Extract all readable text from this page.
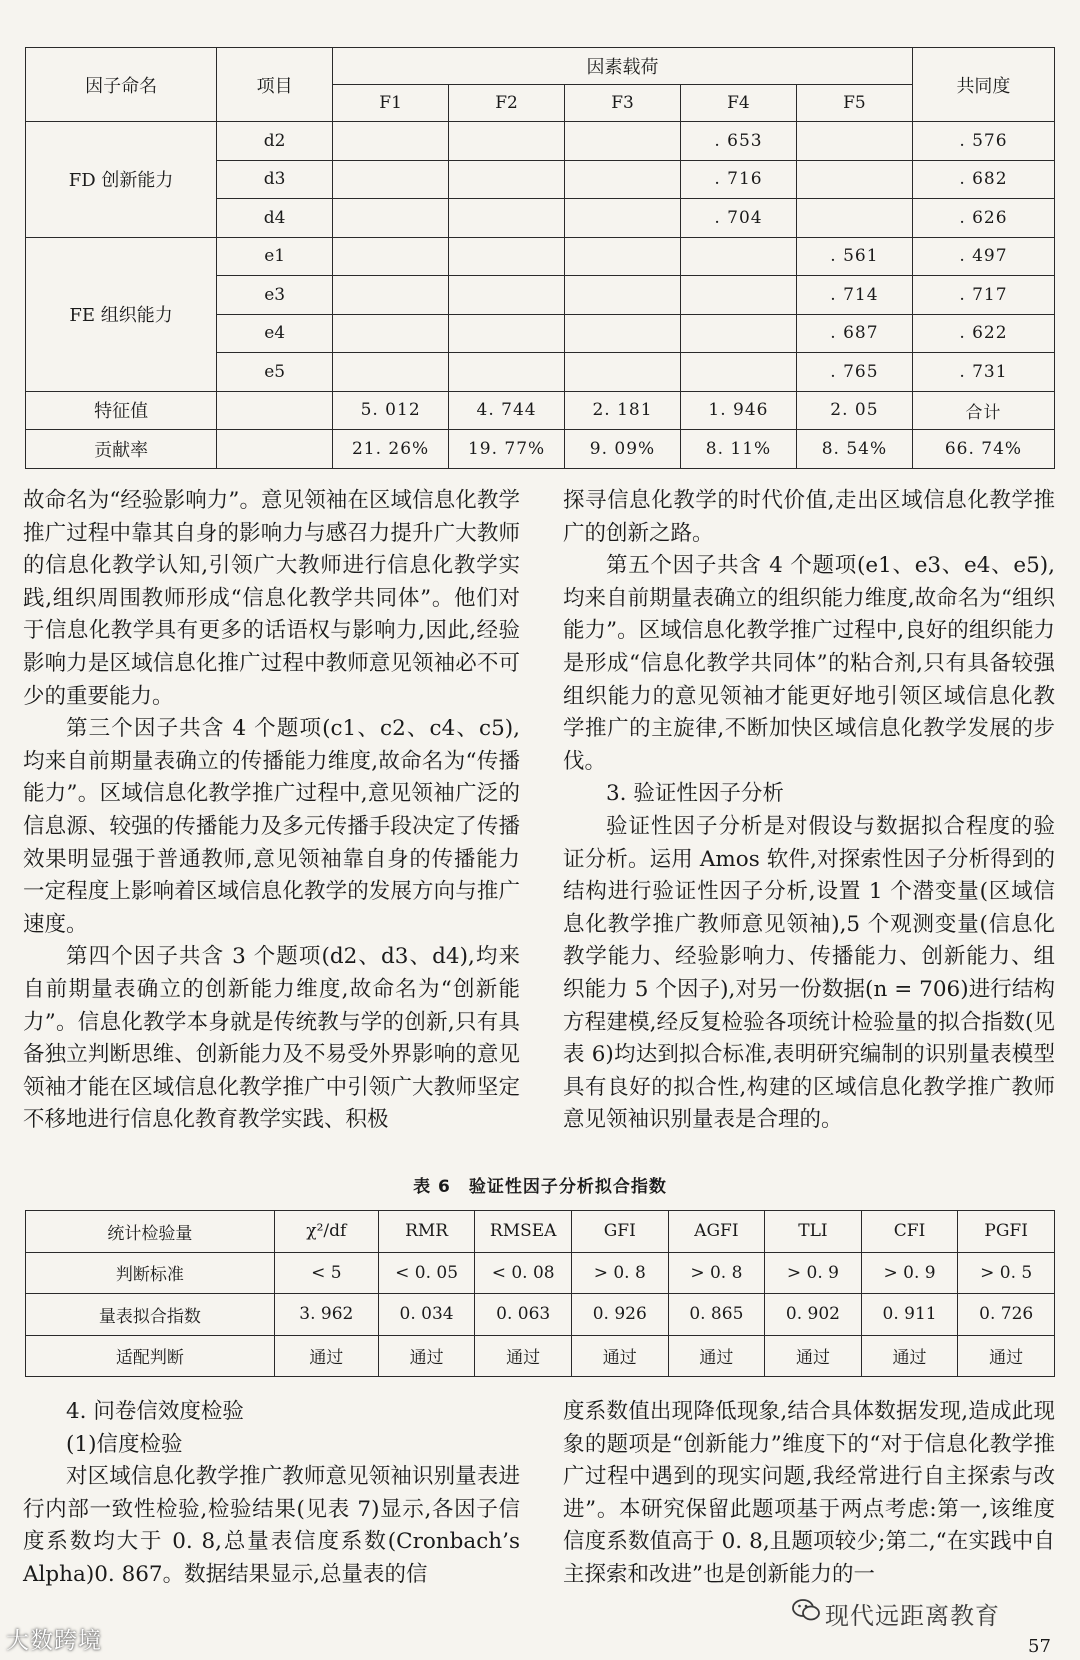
因子命名	项目	因素载荷					共同度
		F1	F2	F3	F4	F5	
FD 创新能力	d2				. 653		. 576
	d3				. 716		. 682
	d4				. 704		. 626
FE 组织能力	e1					. 561	. 497
	e3					. 714	. 717
	e4					. 687	. 622
	e5					. 765	. 731
特征值		5. 012	4. 744	2. 181	1. 946	2. 05	合计
贡献率		21. 26%	19. 77%	9. 09%	8. 11%	8. 54%	66. 74%

故命名为“经验影响力”。意见领袖在区域信息化教学推广过程中靠其自身的影响力与感召力提升广大教师的信息化教学认知,引领广大教师进行信息化教学实践,组织周围教师形成“信息化教学共同体”。他们对于信息化教学具有更多的话语权与影响力,因此,经验影响力是区域信息化推广过程中教师意见领袖必不可少的重要能力。

第三个因子共含 4 个题项(c1、c2、c4、c5),均来自前期量表确立的传播能力维度,故命名为“传播能力”。区域信息化教学推广过程中,意见领袖广泛的信息源、较强的传播能力及多元传播手段决定了传播效果明显强于普通教师,意见领袖靠自身的传播能力一定程度上影响着区域信息化教学的发展方向与推广速度。

第四个因子共含 3 个题项(d2、d3、d4),均来自前期量表确立的创新能力维度,故命名为“创新能力”。信息化教学本身就是传统教与学的创新,只有具备独立判断思维、创新能力及不易受外界影响的意见领袖才能在区域信息化教学推广中引领广大教师坚定不移地进行信息化教育教学实践、积极

探寻信息化教学的时代价值,走出区域信息化教学推广的创新之路。

第五个因子共含 4 个题项(e1、e3、e4、e5),均来自前期量表确立的组织能力维度,故命名为“组织能力”。区域信息化教学推广过程中,良好的组织能力是形成“信息化教学共同体”的粘合剂,只有具备较强组织能力的意见领袖才能更好地引领区域信息化教学推广的主旋律,不断加快区域信息化教学发展的步伐。

3. 验证性因子分析

验证性因子分析是对假设与数据拟合程度的验证分析。运用 Amos 软件,对探索性因子分析得到的结构进行验证性因子分析,设置 1 个潜变量(区域信息化教学推广教师意见领袖),5 个观测变量(信息化教学能力、经验影响力、传播能力、创新能力、组织能力 5 个因子),对另一份数据(n = 706)进行结构方程建模,经反复检验各项统计检验量的拟合指数(见表 6)均达到拟合标准,表明研究编制的识别量表模型具有良好的拟合性,构建的区域信息化教学推广教师意见领袖识别量表是合理的。

表 6　验证性因子分析拟合指数
统计检验量	χ²/df	RMR	RMSEA	GFI	AGFI	TLI	CFI	PGFI
判断标准	< 5	< 0. 05	< 0. 08	> 0. 8	> 0. 8	> 0. 9	> 0. 9	> 0. 5
量表拟合指数	3. 962	0. 034	0. 063	0. 926	0. 865	0. 902	0. 911	0. 726
适配判断	通过	通过	通过	通过	通过	通过	通过	通过

4. 问卷信效度检验

(1)信度检验

对区域信息化教学推广教师意见领袖识别量表进行内部一致性检验,检验结果(见表 7)显示,各因子信度系数均大于 0. 8,总量表信度系数(Cronbach’s Alpha)0. 867。数据结果显示,总量表的信

度系数值出现降低现象,结合具体数据发现,造成此现象的题项是“创新能力”维度下的“对于信息化教学推广过程中遇到的现实问题,我经常进行自主探索与改进”。本研究保留此题项基于两点考虑:第一,该维度信度系数值高于 0. 8,且题项较少;第二,“在实践中自主探索和改进”也是创新能力的一

大数跨境
现代远距离教育
57
